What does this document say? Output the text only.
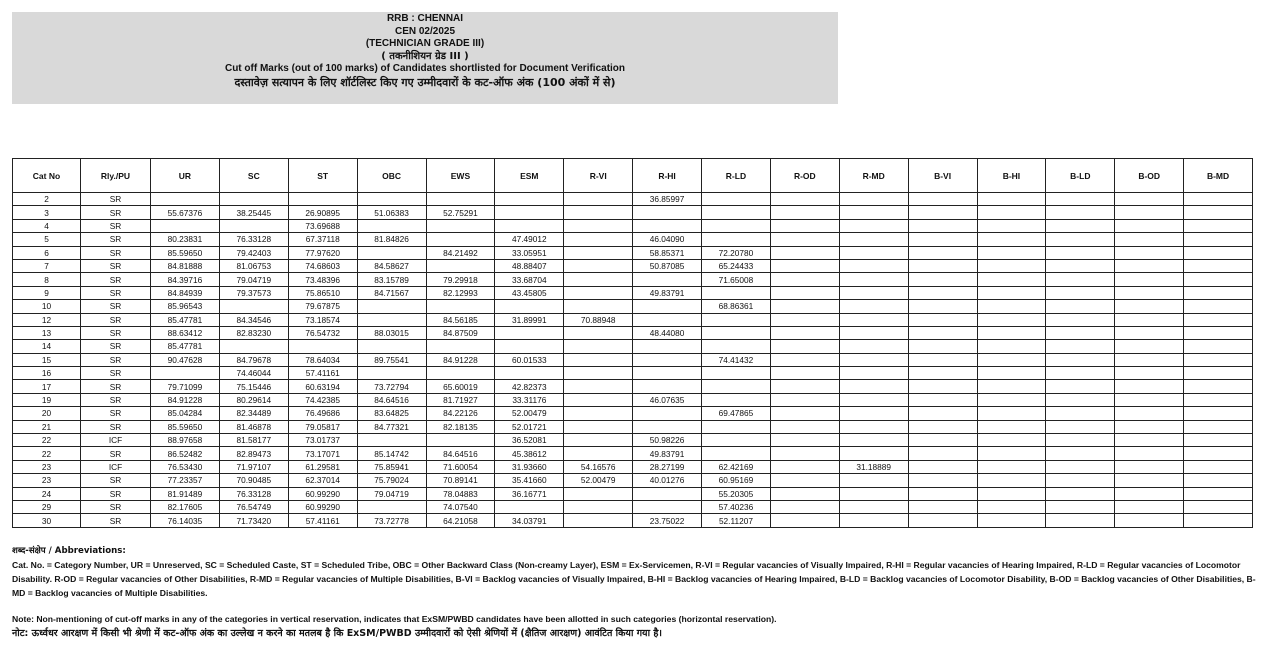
RRB : CHENNAI
CEN 02/2025
(TECHNICIAN GRADE III)
( तकनीशियन ग्रेड III )
Cut off Marks (out of 100 marks) of Candidates shortlisted for Document Verification
दस्तावेज़ सत्यापन के लिए शॉर्टलिस्ट किए गए उम्मीदवारों के कट-ऑफ अंक (100 अंकों में से)
Cat No	Rly./PU	UR	SC	ST	OBC	EWS	ESM	R-VI	R-HI	R-LD	R-OD	R-MD	B-VI	B-HI	B-LD	B-OD	B-MD
2	SR								36.85997								
3	SR	55.67376	38.25445	26.90895	51.06383	52.75291											
4	SR			73.69688													
5	SR	80.23831	76.33128	67.37118	81.84826		47.49012		46.04090								
6	SR	85.59650	79.42403	77.97620		84.21492	33.05951		58.85371	72.20780							
7	SR	84.81888	81.06753	74.68603	84.58627		48.88407		50.87085	65.24433							
8	SR	84.39716	79.04719	73.48396	83.15789	79.29918	33.68704			71.65008							
9	SR	84.84939	79.37573	75.86510	84.71567	82.12993	43.45805		49.83791								
10	SR	85.96543		79.67875						68.86361							
12	SR	85.47781	84.34546	73.18574		84.56185	31.89991	70.88948									
13	SR	88.63412	82.83230	76.54732	88.03015	84.87509			48.44080								
14	SR	85.47781															
15	SR	90.47628	84.79678	78.64034	89.75541	84.91228	60.01533			74.41432							
16	SR		74.46044	57.41161													
17	SR	79.71099	75.15446	60.63194	73.72794	65.60019	42.82373										
19	SR	84.91228	80.29614	74.42385	84.64516	81.71927	33.31176		46.07635								
20	SR	85.04284	82.34489	76.49686	83.64825	84.22126	52.00479			69.47865							
21	SR	85.59650	81.46878	79.05817	84.77321	82.18135	52.01721										
22	ICF	88.97658	81.58177	73.01737			36.52081		50.98226								
22	SR	86.52482	82.89473	73.17071	85.14742	84.64516	45.38612		49.83791								
23	ICF	76.53430	71.97107	61.29581	75.85941	71.60054	31.93660	54.16576	28.27199	62.42169		31.18889					
23	SR	77.23357	70.90485	62.37014	75.79024	70.89141	35.41660	52.00479	40.01276	60.95169							
24	SR	81.91489	76.33128	60.99290	79.04719	78.04883	36.16771			55.20305							
29	SR	82.17605	76.54749	60.99290		74.07540				57.40236							
30	SR	76.14035	71.73420	57.41161	73.72778	64.21058	34.03791		23.75022	52.11207							
शब्द-संक्षेप / Abbreviations:
Cat. No. = Category Number, UR = Unreserved, SC = Scheduled Caste, ST = Scheduled Tribe, OBC = Other Backward Class (Non-creamy Layer), ESM = Ex-Servicemen, R-VI = Regular vacancies of Visually Impaired, R-HI = Regular vacancies of Hearing Impaired, R-LD = Regular vacancies of Locomotor Disability. R-OD = Regular vacancies of Other Disabilities, R-MD = Regular vacancies of Multiple Disabilities, B-VI = Backlog vacancies of Visually Impaired, B-HI = Backlog vacancies of Hearing Impaired, B-LD = Backlog vacancies of Locomotor Disability, B-OD = Backlog vacancies of Other Disabilities, B-MD = Backlog vacancies of Multiple Disabilities.
Note: Non-mentioning of cut-off marks in any of the categories in vertical reservation, indicates that ExSM/PWBD candidates have been allotted in such categories (horizontal reservation).
नोट: ऊर्ध्वधर आरक्षण में किसी भी श्रेणी में कट-ऑफ अंक का उल्लेख न करने का मतलब है कि ExSM/PWBD उम्मीदवारों को ऐसी श्रेणियों में (क्षैतिज आरक्षण) आवंटित किया गया है।
